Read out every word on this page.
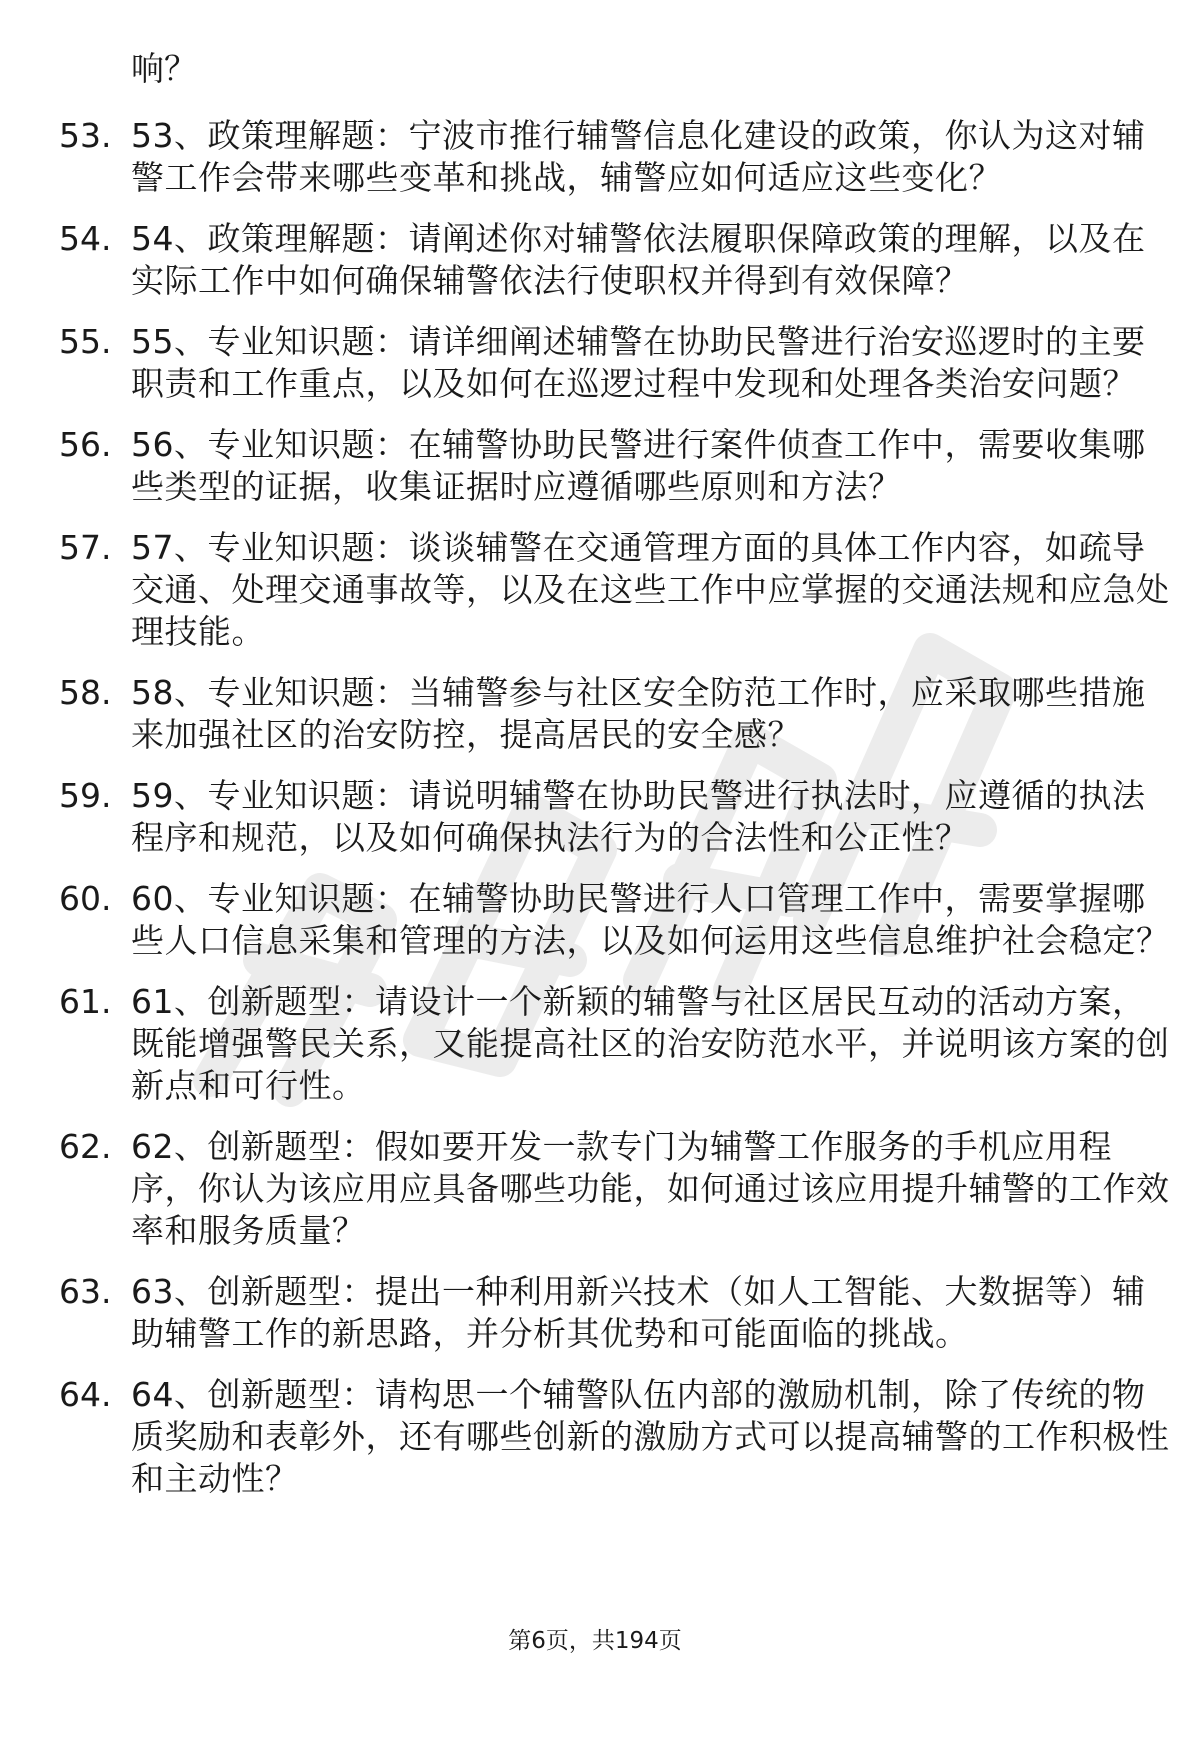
响？
53. 53、政策理解题：宁波市推行辅警信息化建设的政策，你认为这对辅警工作会带来哪些变革和挑战，辅警应如何适应这些变化？
54. 54、政策理解题：请阐述你对辅警依法履职保障政策的理解，以及在实际工作中如何确保辅警依法行使职权并得到有效保障？
55. 55、专业知识题：请详细阐述辅警在协助民警进行治安巡逻时的主要职责和工作重点，以及如何在巡逻过程中发现和处理各类治安问题？
56. 56、专业知识题：在辅警协助民警进行案件侦查工作中，需要收集哪些类型的证据，收集证据时应遵循哪些原则和方法？
57. 57、专业知识题：谈谈辅警在交通管理方面的具体工作内容，如疏导交通、处理交通事故等，以及在这些工作中应掌握的交通法规和应急处理技能。
58. 58、专业知识题：当辅警参与社区安全防范工作时，应采取哪些措施来加强社区的治安防控，提高居民的安全感？
59. 59、专业知识题：请说明辅警在协助民警进行执法时，应遵循的执法程序和规范，以及如何确保执法行为的合法性和公正性？
60. 60、专业知识题：在辅警协助民警进行人口管理工作中，需要掌握哪些人口信息采集和管理的方法，以及如何运用这些信息维护社会稳定？
61. 61、创新题型：请设计一个新颖的辅警与社区居民互动的活动方案，既能增强警民关系，又能提高社区的治安防范水平，并说明该方案的创新点和可行性。
62. 62、创新题型：假如要开发一款专门为辅警工作服务的手机应用程序，你认为该应用应具备哪些功能，如何通过该应用提升辅警的工作效率和服务质量？
63. 63、创新题型：提出一种利用新兴技术（如人工智能、大数据等）辅助辅警工作的新思路，并分析其优势和可能面临的挑战。
64. 64、创新题型：请构思一个辅警队伍内部的激励机制，除了传统的物质奖励和表彰外，还有哪些创新的激励方式可以提高辅警的工作积极性和主动性？
第6页，共194页
